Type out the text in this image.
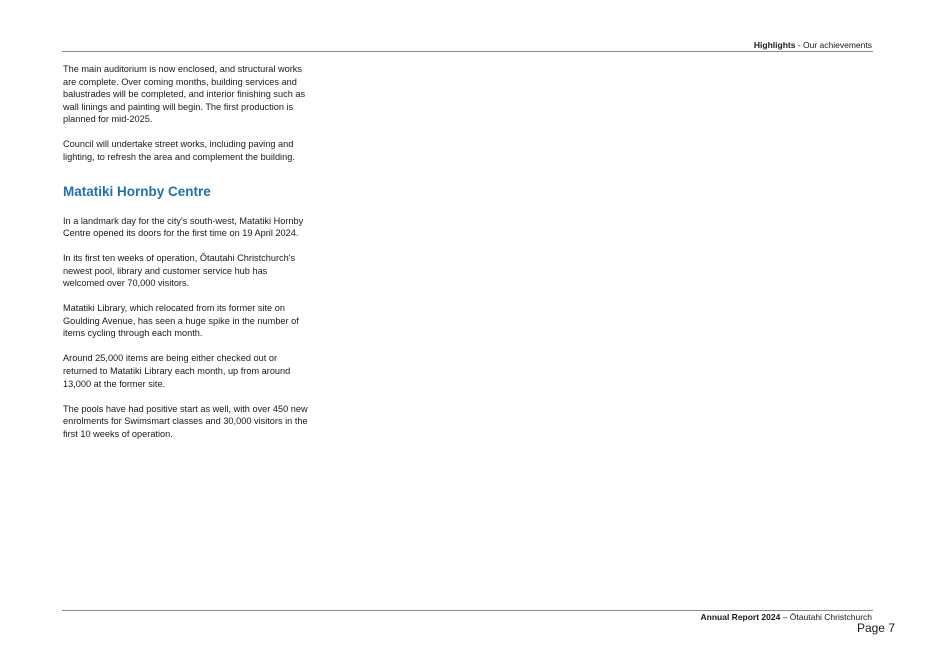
Highlights - Our achievements

The main auditorium is now enclosed, and structural works are complete. Over coming months, building services and balustrades will be completed, and interior finishing such as wall linings and painting will begin. The first production is planned for mid-2025.

Council will undertake street works, including paving and lighting, to refresh the area and complement the building.

Matatiki Hornby Centre

In a landmark day for the city's south-west, Matatiki Hornby Centre opened its doors for the first time on 19 April 2024.

In its first ten weeks of operation, Ōtautahi Christchurch's newest pool, library and customer service hub has welcomed over 70,000 visitors.

Matatiki Library, which relocated from its former site on Goulding Avenue, has seen a huge spike in the number of items cycling through each month.

Around 25,000 items are being either checked out or returned to Matatiki Library each month, up from around 13,000 at the former site.

The pools have had positive start as well, with over 450 new enrolments for Swimsmart classes and 30,000 visitors in the first 10 weeks of operation.

Annual Report 2024 – Ōtautahi Christchurch
Page 7
